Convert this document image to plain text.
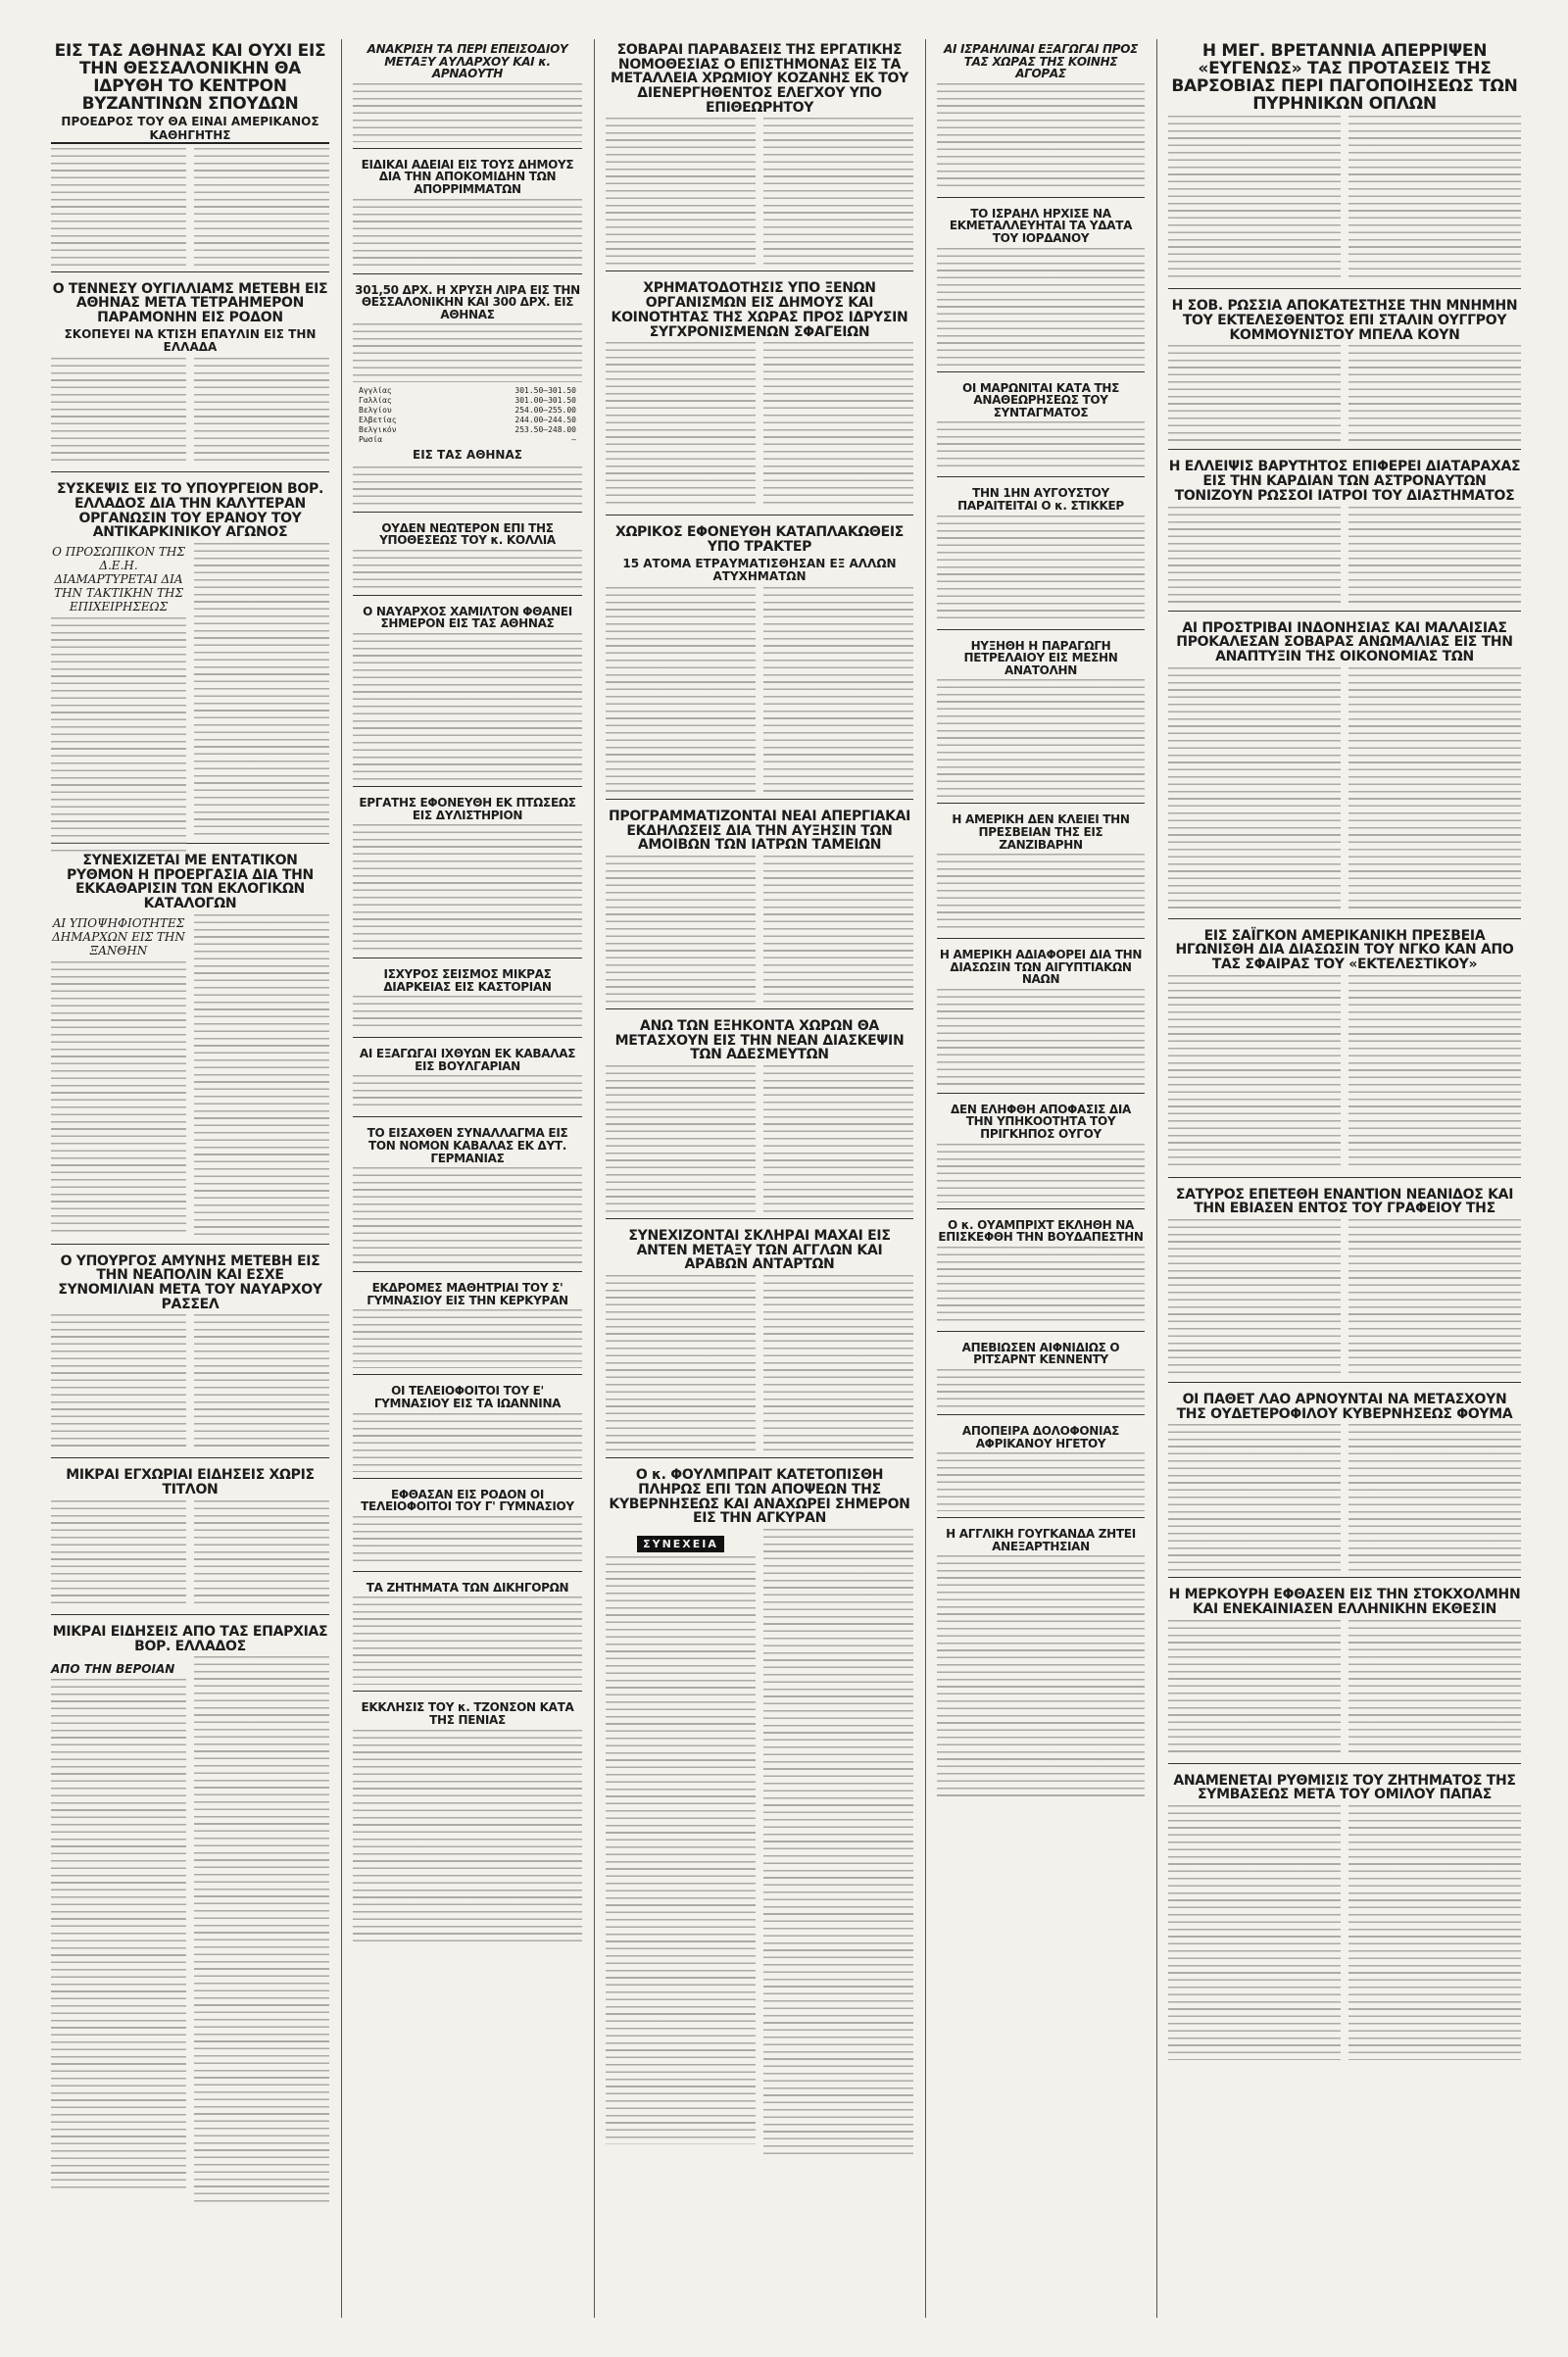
ΕΙΣ ΤΑΣ ΑΘΗΝΑΣ ΚΑΙ ΟΥΧΙ ΕΙΣ ΤΗΝ ΘΕΣΣΑΛΟΝΙΚΗΝ ΘΑ ΙΔΡΥΘΗ ΤΟ ΚΕΝΤΡΟΝ ΒΥΖΑΝΤΙΝΩΝ ΣΠΟΥΔΩΝ
ΠΡΟΕΔΡΟΣ ΤΟΥ ΘΑ ΕΙΝΑΙ ΑΜΕΡΙΚΑΝΟΣ ΚΑΘΗΓΗΤΗΣ
Ο ΤΕΝΝΕΣΥ ΟΥΓΙΛΛΙΑΜΣ ΜΕΤΕΒΗ ΕΙΣ ΑΘΗΝΑΣ ΜΕΤΑ ΤΕΤΡΑΗΜΕΡΟΝ ΠΑΡΑΜΟΝΗΝ ΕΙΣ ΡΟΔΟΝ
ΣΚΟΠΕΥΕΙ ΝΑ ΚΤΙΣΗ ΕΠΑΥΛΙΝ ΕΙΣ ΤΗΝ ΕΛΛΑΔΑ
ΣΥΣΚΕΨΙΣ ΕΙΣ ΤΟ ΥΠΟΥΡΓΕΙΟΝ ΒΟΡ. ΕΛΛΑΔΟΣ ΔΙΑ ΤΗΝ ΚΑΛΥΤΕΡΑΝ ΟΡΓΑΝΩΣΙΝ ΤΟΥ ΕΡΑΝΟΥ ΤΟΥ ΑΝΤΙΚΑΡΚΙΝΙΚΟΥ ΑΓΩΝΟΣ
Ο ΠΡΟΣΩΠΙΚΟΝ ΤΗΣ Δ.Ε.Η. ΔΙΑΜΑΡΤΥΡΕΤΑΙ ΔΙΑ ΤΗΝ ΤΑΚΤΙΚΗΝ ΤΗΣ ΕΠΙΧΕΙΡΗΣΕΩΣ
ΣΥΝΕΧΙΖΕΤΑΙ ΜΕ ΕΝΤΑΤΙΚΟΝ ΡΥΘΜΟΝ Η ΠΡΟΕΡΓΑΣΙΑ ΔΙΑ ΤΗΝ ΕΚΚΑΘΑΡΙΣΙΝ ΤΩΝ ΕΚΛΟΓΙΚΩΝ ΚΑΤΑΛΟΓΩΝ
ΑΙ ΥΠΟΨΗΦΙΟΤΗΤΕΣ ΔΗΜΑΡΧΩΝ ΕΙΣ ΤΗΝ ΞΑΝΘΗΝ
Ο ΥΠΟΥΡΓΟΣ ΑΜΥΝΗΣ ΜΕΤΕΒΗ ΕΙΣ ΤΗΝ ΝΕΑΠΟΛΙΝ ΚΑΙ ΕΣΧΕ ΣΥΝΟΜΙΛΙΑΝ ΜΕΤΑ ΤΟΥ ΝΑΥΑΡΧΟΥ ΡΑΣΣΕΛ
ΜΙΚΡΑΙ ΕΓΧΩΡΙΑΙ ΕΙΔΗΣΕΙΣ ΧΩΡΙΣ ΤΙΤΛΟΝ
ΜΙΚΡΑΙ ΕΙΔΗΣΕΙΣ ΑΠΟ ΤΑΣ ΕΠΑΡΧΙΑΣ ΒΟΡ. ΕΛΛΑΔΟΣ
ΑΠΟ ΤΗΝ ΒΕΡΟΙΑΝ
ΑΝΑΚΡΙΣΗ ΤΑ ΠΕΡΙ ΕΠΕΙΣΟΔΙΟΥ ΜΕΤΑΞΥ ΑΥΛΑΡΧΟΥ ΚΑΙ κ. ΑΡΝΑΟΥΤΗ
ΕΙΔΙΚΑΙ ΑΔΕΙΑΙ ΕΙΣ ΤΟΥΣ ΔΗΜΟΥΣ ΔΙΑ ΤΗΝ ΑΠΟΚΟΜΙΔΗΝ ΤΩΝ ΑΠΟΡΡΙΜΜΑΤΩΝ
301,50 ΔΡΧ. Η ΧΡΥΣΗ ΛΙΡΑ ΕΙΣ ΤΗΝ ΘΕΣΣΑΛΟΝΙΚΗΝ ΚΑΙ 300 ΔΡΧ. ΕΙΣ ΑΘΗΝΑΣ
Αγγλίας	301.50—301.50
Γαλλίας	301.00—301.50
Βελγίου	254.00—255.00
Ελβετίας	244.00—244.50
Βελγικόν	253.50—248.00
Ρωσία	—
ΕΙΣ ΤΑΣ ΑΘΗΝΑΣ
ΟΥΔΕΝ ΝΕΩΤΕΡΟΝ ΕΠΙ ΤΗΣ ΥΠΟΘΕΣΕΩΣ ΤΟΥ κ. ΚΟΛΛΙΑ
Ο ΝΑΥΑΡΧΟΣ ΧΑΜΙΛΤΟΝ ΦΘΑΝΕΙ ΣΗΜΕΡΟΝ ΕΙΣ ΤΑΣ ΑΘΗΝΑΣ
ΕΡΓΑΤΗΣ ΕΦΟΝΕΥΘΗ ΕΚ ΠΤΩΣΕΩΣ ΕΙΣ ΔΥΛΙΣΤΗΡΙΟΝ
ΙΣΧΥΡΟΣ ΣΕΙΣΜΟΣ ΜΙΚΡΑΣ ΔΙΑΡΚΕΙΑΣ ΕΙΣ ΚΑΣΤΟΡΙΑΝ
ΑΙ ΕΞΑΓΩΓΑΙ ΙΧΘΥΩΝ ΕΚ ΚΑΒΑΛΑΣ ΕΙΣ ΒΟΥΛΓΑΡΙΑΝ
ΤΟ ΕΙΣΑΧΘΕΝ ΣΥΝΑΛΛΑΓΜΑ ΕΙΣ ΤΟΝ ΝΟΜΟΝ ΚΑΒΑΛΑΣ ΕΚ ΔΥΤ. ΓΕΡΜΑΝΙΑΣ
ΕΚΔΡΟΜΕΣ ΜΑΘΗΤΡΙΑΙ ΤΟΥ Σ' ΓΥΜΝΑΣΙΟΥ ΕΙΣ ΤΗΝ ΚΕΡΚΥΡΑΝ
ΟΙ ΤΕΛΕΙΟΦΟΙΤΟΙ ΤΟΥ Ε' ΓΥΜΝΑΣΙΟΥ ΕΙΣ ΤΑ ΙΩΑΝΝΙΝΑ
ΕΦΘΑΣΑΝ ΕΙΣ ΡΟΔΟΝ ΟΙ ΤΕΛΕΙΟΦΟΙΤΟΙ ΤΟΥ Γ' ΓΥΜΝΑΣΙΟΥ
ΤΑ ΖΗΤΗΜΑΤΑ ΤΩΝ ΔΙΚΗΓΟΡΩΝ
ΕΚΚΛΗΣΙΣ ΤΟΥ κ. ΤΖΟΝΣΟΝ ΚΑΤΑ ΤΗΣ ΠΕΝΙΑΣ
ΣΟΒΑΡΑΙ ΠΑΡΑΒΑΣΕΙΣ ΤΗΣ ΕΡΓΑΤΙΚΗΣ ΝΟΜΟΘΕΣΙΑΣ Ο ΕΠΙΣΤΗΜΟΝΑΣ ΕΙΣ ΤΑ ΜΕΤΑΛΛΕΙΑ ΧΡΩΜΙΟΥ ΚΟΖΑΝΗΣ ΕΚ ΤΟΥ ΔΙΕΝΕΡΓΗΘΕΝΤΟΣ ΕΛΕΓΧΟΥ ΥΠΟ ΕΠΙΘΕΩΡΗΤΟΥ
ΧΡΗΜΑΤΟΔΟΤΗΣΙΣ ΥΠΟ ΞΕΝΩΝ ΟΡΓΑΝΙΣΜΩΝ ΕΙΣ ΔΗΜΟΥΣ ΚΑΙ ΚΟΙΝΟΤΗΤΑΣ ΤΗΣ ΧΩΡΑΣ ΠΡΟΣ ΙΔΡΥΣΙΝ ΣΥΓΧΡΟΝΙΣΜΕΝΩΝ ΣΦΑΓΕΙΩΝ
ΧΩΡΙΚΟΣ ΕΦΟΝΕΥΘΗ ΚΑΤΑΠΛΑΚΩΘΕΙΣ ΥΠΟ ΤΡΑΚΤΕΡ
15 ΑΤΟΜΑ ΕΤΡΑΥΜΑΤΙΣΘΗΣΑΝ ΕΞ ΑΛΛΩΝ ΑΤΥΧΗΜΑΤΩΝ
ΠΡΟΓΡΑΜΜΑΤΙΖΟΝΤΑΙ ΝΕΑΙ ΑΠΕΡΓΙΑΚΑΙ ΕΚΔΗΛΩΣΕΙΣ ΔΙΑ ΤΗΝ ΑΥΞΗΣΙΝ ΤΩΝ ΑΜΟΙΒΩΝ ΤΩΝ ΙΑΤΡΩΝ ΤΑΜΕΙΩΝ
ΑΝΩ ΤΩΝ ΕΞΗΚΟΝΤΑ ΧΩΡΩΝ ΘΑ ΜΕΤΑΣΧΟΥΝ ΕΙΣ ΤΗΝ ΝΕΑΝ ΔΙΑΣΚΕΨΙΝ ΤΩΝ ΑΔΕΣΜΕΥΤΩΝ
ΣΥΝΕΧΙΖΟΝΤΑΙ ΣΚΛΗΡΑΙ ΜΑΧΑΙ ΕΙΣ ΑΝΤΕΝ ΜΕΤΑΞΥ ΤΩΝ ΑΓΓΛΩΝ ΚΑΙ ΑΡΑΒΩΝ ΑΝΤΑΡΤΩΝ
Ο κ. ΦΟΥΛΜΠΡΑΙΤ ΚΑΤΕΤΟΠΙΣΘΗ ΠΛΗΡΩΣ ΕΠΙ ΤΩΝ ΑΠΟΨΕΩΝ ΤΗΣ ΚΥΒΕΡΝΗΣΕΩΣ ΚΑΙ ΑΝΑΧΩΡΕΙ ΣΗΜΕΡΟΝ ΕΙΣ ΤΗΝ ΑΓΚΥΡΑΝ
ΣΥΝΕΧΕΙΑ
ΑΙ ΙΣΡΑΗΛΙΝΑΙ ΕΞΑΓΩΓΑΙ ΠΡΟΣ ΤΑΣ ΧΩΡΑΣ ΤΗΣ ΚΟΙΝΗΣ ΑΓΟΡΑΣ
ΤΟ ΙΣΡΑΗΛ ΗΡΧΙΣΕ ΝΑ ΕΚΜΕΤΑΛΛΕΥΗΤΑΙ ΤΑ ΥΔΑΤΑ ΤΟΥ ΙΟΡΔΑΝΟΥ
ΟΙ ΜΑΡΩΝΙΤΑΙ ΚΑΤΑ ΤΗΣ ΑΝΑΘΕΩΡΗΣΕΩΣ ΤΟΥ ΣΥΝΤΑΓΜΑΤΟΣ
ΤΗΝ 1ΗΝ ΑΥΓΟΥΣΤΟΥ ΠΑΡΑΙΤΕΙΤΑΙ Ο κ. ΣΤΙΚΚΕΡ
ΗΥΞΗΘΗ Η ΠΑΡΑΓΩΓΗ ΠΕΤΡΕΛΑΙΟΥ ΕΙΣ ΜΕΣΗΝ ΑΝΑΤΟΛΗΝ
Η ΑΜΕΡΙΚΗ ΔΕΝ ΚΛΕΙΕΙ ΤΗΝ ΠΡΕΣΒΕΙΑΝ ΤΗΣ ΕΙΣ ΖΑΝΖΙΒΑΡΗΝ
Η ΑΜΕΡΙΚΗ ΑΔΙΑΦΟΡΕΙ ΔΙΑ ΤΗΝ ΔΙΑΣΩΣΙΝ ΤΩΝ ΑΙΓΥΠΤΙΑΚΩΝ ΝΑΩΝ
ΔΕΝ ΕΛΗΦΘΗ ΑΠΟΦΑΣΙΣ ΔΙΑ ΤΗΝ ΥΠΗΚΟΟΤΗΤΑ ΤΟΥ ΠΡΙΓΚΗΠΟΣ ΟΥΓΟΥ
Ο κ. ΟΥΑΜΠΡΙΧΤ ΕΚΛΗΘΗ ΝΑ ΕΠΙΣΚΕΦΘΗ ΤΗΝ ΒΟΥΔΑΠΕΣΤΗΝ
ΑΠΕΒΙΩΣΕΝ ΑΙΦΝΙΔΙΩΣ Ο ΡΙΤΣΑΡΝΤ ΚΕΝΝΕΝΤΥ
ΑΠΟΠΕΙΡΑ ΔΟΛΟΦΟΝΙΑΣ ΑΦΡΙΚΑΝΟΥ ΗΓΕΤΟΥ
Η ΑΓΓΛΙΚΗ ΓΟΥΓΚΑΝΔΑ ΖΗΤΕΙ ΑΝΕΞΑΡΤΗΣΙΑΝ
Η ΜΕΓ. ΒΡΕΤΑΝΝΙΑ ΑΠΕΡΡΙΨΕΝ «ΕΥΓΕΝΩΣ» ΤΑΣ ΠΡΟΤΑΣΕΙΣ ΤΗΣ ΒΑΡΣΟΒΙΑΣ ΠΕΡΙ ΠΑΓΟΠΟΙΗΣΕΩΣ ΤΩΝ ΠΥΡΗΝΙΚΩΝ ΟΠΛΩΝ
Η ΣΟΒ. ΡΩΣΣΙΑ ΑΠΟΚΑΤΕΣΤΗΣΕ ΤΗΝ ΜΝΗΜΗΝ ΤΟΥ ΕΚΤΕΛΕΣΘΕΝΤΟΣ ΕΠΙ ΣΤΑΛΙΝ ΟΥΓΓΡΟΥ ΚΟΜΜΟΥΝΙΣΤΟΥ ΜΠΕΛΑ ΚΟΥΝ
Η ΕΛΛΕΙΨΙΣ ΒΑΡΥΤΗΤΟΣ ΕΠΙΦΕΡΕΙ ΔΙΑΤΑΡΑΧΑΣ ΕΙΣ ΤΗΝ ΚΑΡΔΙΑΝ ΤΩΝ ΑΣΤΡΟΝΑΥΤΩΝ ΤΟΝΙΖΟΥΝ ΡΩΣΣΟΙ ΙΑΤΡΟΙ ΤΟΥ ΔΙΑΣΤΗΜΑΤΟΣ
ΑΙ ΠΡΟΣΤΡΙΒΑΙ ΙΝΔΟΝΗΣΙΑΣ ΚΑΙ ΜΑΛΑΙΣΙΑΣ ΠΡΟΚΑΛΕΣΑΝ ΣΟΒΑΡΑΣ ΑΝΩΜΑΛΙΑΣ ΕΙΣ ΤΗΝ ΑΝΑΠΤΥΞΙΝ ΤΗΣ ΟΙΚΟΝΟΜΙΑΣ ΤΩΝ
ΕΙΣ ΣΑΪΓΚΟΝ ΑΜΕΡΙΚΑΝΙΚΗ ΠΡΕΣΒΕΙΑ ΗΓΩΝΙΣΘΗ ΔΙΑ ΔΙΑΣΩΣΙΝ ΤΟΥ ΝΓΚΟ ΚΑΝ ΑΠΟ ΤΑΣ ΣΦΑΙΡΑΣ ΤΟΥ «ΕΚΤΕΛΕΣΤΙΚΟΥ»
ΣΑΤΥΡΟΣ ΕΠΕΤΕΘΗ ΕΝΑΝΤΙΟΝ ΝΕΑΝΙΔΟΣ ΚΑΙ ΤΗΝ ΕΒΙΑΣΕΝ ΕΝΤΟΣ ΤΟΥ ΓΡΑΦΕΙΟΥ ΤΗΣ
ΟΙ ΠΑΘΕΤ ΛΑΟ ΑΡΝΟΥΝΤΑΙ ΝΑ ΜΕΤΑΣΧΟΥΝ ΤΗΣ ΟΥΔΕΤΕΡΟΦΙΛΟΥ ΚΥΒΕΡΝΗΣΕΩΣ ΦΟΥΜΑ
Η ΜΕΡΚΟΥΡΗ ΕΦΘΑΣΕΝ ΕΙΣ ΤΗΝ ΣΤΟΚΧΟΛΜΗΝ ΚΑΙ ΕΝΕΚΑΙΝΙΑΣΕΝ ΕΛΛΗΝΙΚΗΝ ΕΚΘΕΣΙΝ
ΑΝΑΜΕΝΕΤΑΙ ΡΥΘΜΙΣΙΣ ΤΟΥ ΖΗΤΗΜΑΤΟΣ ΤΗΣ ΣΥΜΒΑΣΕΩΣ ΜΕΤΑ ΤΟΥ ΟΜΙΛΟΥ ΠΑΠΑΣ
